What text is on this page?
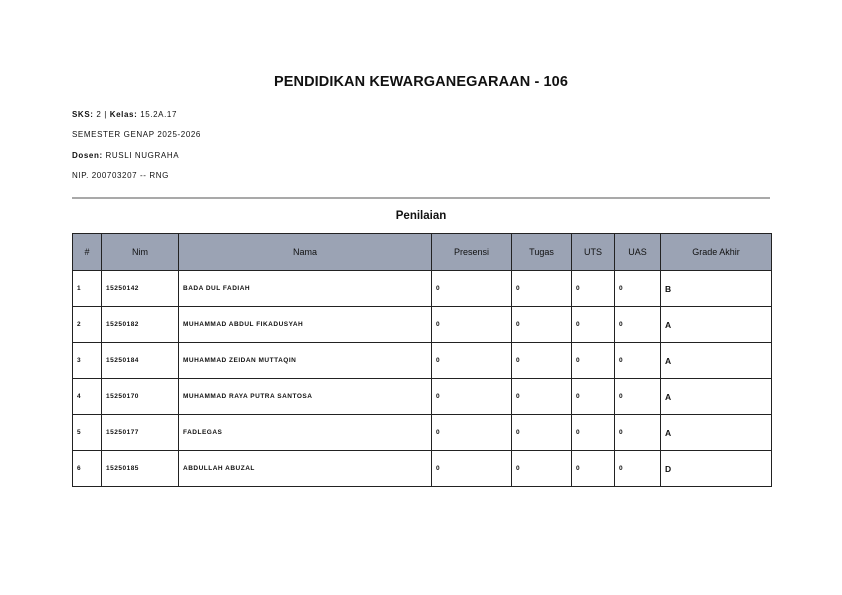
PENDIDIKAN KEWARGANEGARAAN - 106
SKS: 2 | Kelas: 15.2A.17
SEMESTER GENAP 2025-2026
Dosen: RUSLI NUGRAHA
NIP. 200703207 -- RNG
Penilaian
#	Nim	Nama	Presensi	Tugas	UTS	UAS	Grade Akhir
1	15250142	BADA DUL FADIAH	0	0	0	0	B
2	15250182	MUHAMMAD ABDUL FIKADUSYAH	0	0	0	0	A
3	15250184	MUHAMMAD ZEIDAN MUTTAQIN	0	0	0	0	A
4	15250170	MUHAMMAD RAYA PUTRA SANTOSA	0	0	0	0	A
5	15250177	FADLEGAS	0	0	0	0	A
6	15250185	ABDULLAH ABUZAL	0	0	0	0	D
